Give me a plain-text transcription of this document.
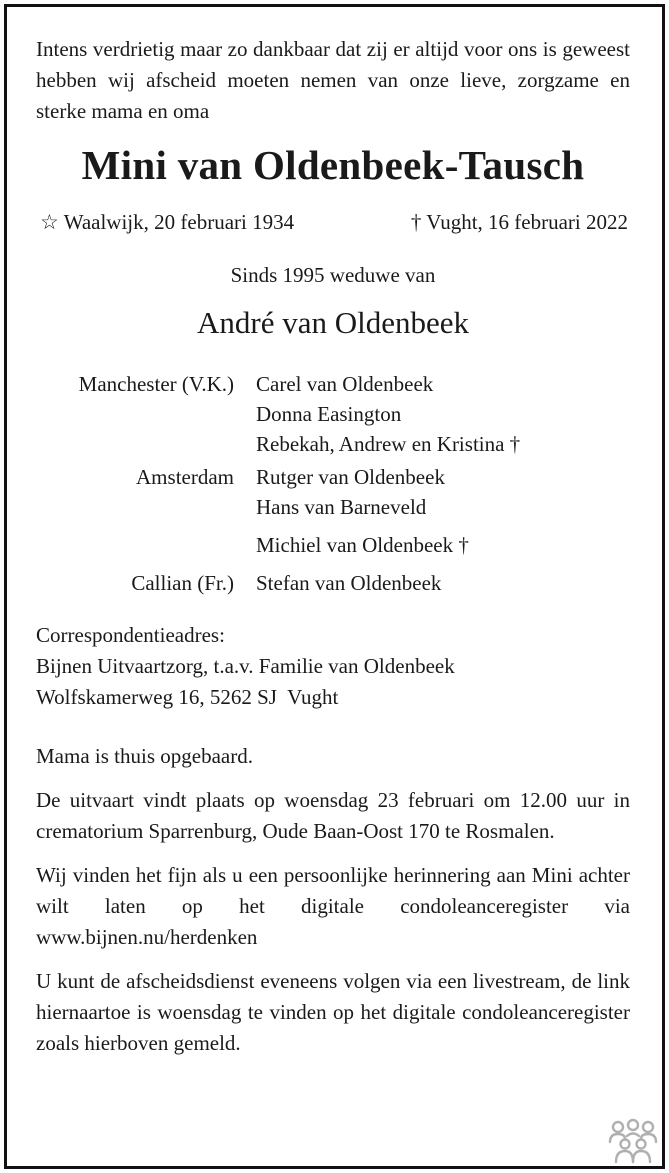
Intens verdrietig maar zo dankbaar dat zij er altijd voor ons is geweest hebben wij afscheid moeten nemen van onze lieve, zorgzame en sterke mama en oma

Mini van Oldenbeek-Tausch
☆ Waalwijk, 20 februari 1934	† Vught, 16 februari 2022
Sinds 1995 weduwe van
André van Oldenbeek
Manchester (V.K.)	Carel van Oldenbeek
Donna Easington
Rebekah, Andrew en Kristina †
Amsterdam	Rutger van Oldenbeek
Hans van Barneveld
Michiel van Oldenbeek †
Callian (Fr.)	Stefan van Oldenbeek
Correspondentieadres:
Bijnen Uitvaartzorg, t.a.v. Familie van Oldenbeek
Wolfskamerweg 16, 5262 SJ  Vught

Mama is thuis opgebaard.

De uitvaart vindt plaats op woensdag 23 februari om 12.00 uur in crematorium Sparrenburg, Oude Baan-Oost 170 te Rosmalen.

Wij vinden het fijn als u een persoonlijke herinnering aan Mini achter wilt laten op het digitale condoleanceregister via www.bijnen.nu/herdenken

U kunt de afscheidsdienst eveneens volgen via een livestream, de link hiernaartoe is woensdag te vinden op het digitale condoleanceregister zoals hierboven gemeld.
